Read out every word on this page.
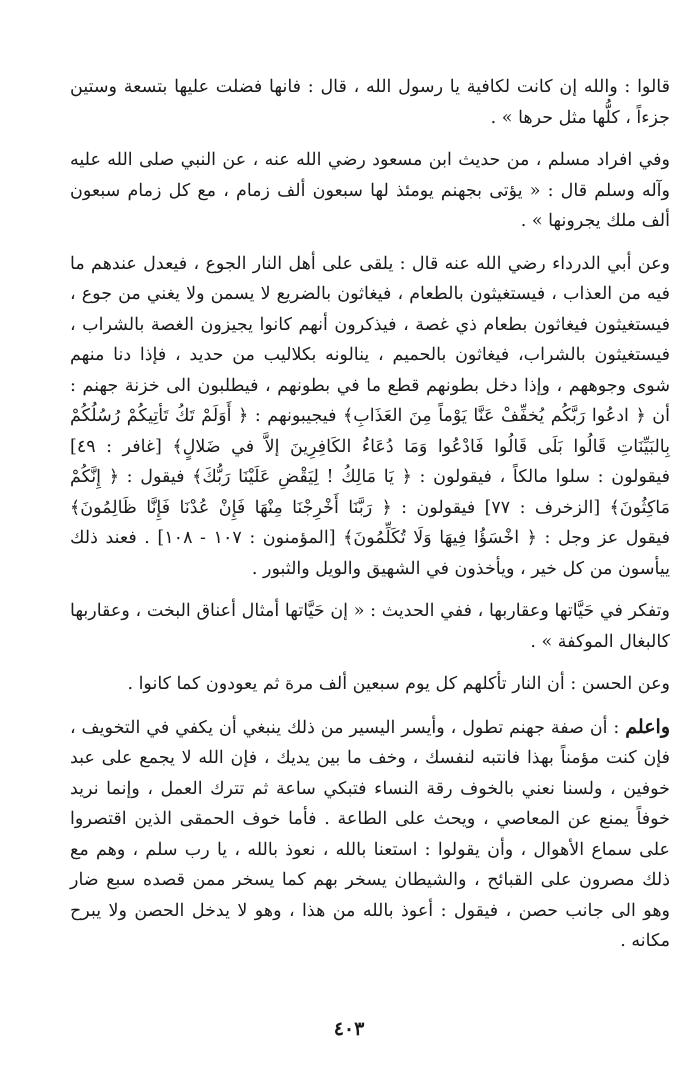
قالوا : والله إن كانت لكافية يا رسول الله ، قال : فانها فضلت عليها بتسعة وستين جزءاً ، كلُّها مثل حرها » .

وفي افراد مسلم ، من حديث ابن مسعود رضي الله عنه ، عن النبي صلى الله عليه وآله وسلم قال : « يؤتى بجهنم يومئذ لها سبعون ألف زمام ، مع كل زمام سبعون ألف ملك يجرونها » .

وعن أبي الدرداء رضي الله عنه قال : يلقى على أهل النار الجوع ، فيعدل عندهم ما فيه من العذاب ، فيستغيثون بالطعام ، فيغاثون بالضريع لا يسمن ولا يغني من جوع ، فيستغيثون فيغاثون بطعام ذي غصة ، فيذكرون أنهم كانوا يجيزون الغصة بالشراب ، فيستغيثون بالشراب، فيغاثون بالحميم ، ينالونه بكلاليب من حديد ، فإذا دنا منهم شوى وجوههم ، وإذا دخل بطونهم قطع ما في بطونهم ، فيطلبون الى خزنة جهنم : أن ﴿ ادعُوا رَبَّكُم يُخفِّفْ عَنَّا يَوْماً مِنَ العَذَابِ﴾ فيجيبونهم : ﴿ أَوَلَمْ تَكُ تَأتِيكُمْ رُسُلُكُمْ بِالبَيِّنَاتِ قَالُوا بَلَى قَالُوا فَادْعُوا وَمَا دُعَاءُ الكَافِرِينَ إلاَّ في ضَلالٍ﴾ [غافر : ٤٩] فيقولون : سلوا مالكاً ، فيقولون : ﴿ يَا مَالِكُ ! لِيَقْضِ عَلَيْنَا رَبُّكَ﴾ فيقول : ﴿ إِنَّكُمْ مَاكِثُونَ﴾ [الزخرف : ٧٧] فيقولون : ﴿ رَبَّنَا أَخْرِجْنَا مِنْهَا فَإِنْ عُدْنَا فَإِنَّا ظَالِمُونَ﴾ فيقول عز وجل : ﴿ اخْسَؤُا فِيهَا وَلَا تُكَلِّمُونَ﴾ [المؤمنون : ١٠٧ - ١٠٨] . فعند ذلك ييأسون من كل خير ، ويأخذون في الشهيق والويل والثبور .

وتفكر في حَيَّاتها وعقاربها ، ففي الحديث : « إن حَيَّاتها أمثال أعناق البخت ، وعقاربها كالبغال الموكفة » .

وعن الحسن : أن النار تأكلهم كل يوم سبعين ألف مرة ثم يعودون كما كانوا .

واعلم : أن صفة جهنم تطول ، وأيسر اليسير من ذلك ينبغي أن يكفي في التخويف ، فإن كنت مؤمناً بهذا فانتبه لنفسك ، وخف ما بين يديك ، فإن الله لا يجمع على عبد خوفين ، ولسنا نعني بالخوف رقة النساء فتبكي ساعة ثم تترك العمل ، وإنما نريد خوفاً يمنع عن المعاصي ، ويحث على الطاعة . فأما خوف الحمقى الذين اقتصروا على سماع الأهوال ، وأن يقولوا : استعنا بالله ، نعوذ بالله ، يا رب سلم ، وهم مع ذلك مصرون على القبائح ، والشيطان يسخر بهم كما يسخر ممن قصده سبع ضار وهو الى جانب حصن ، فيقول : أعوذ بالله من هذا ، وهو لا يدخل الحصن ولا يبرح مكانه .

٤٠٣
